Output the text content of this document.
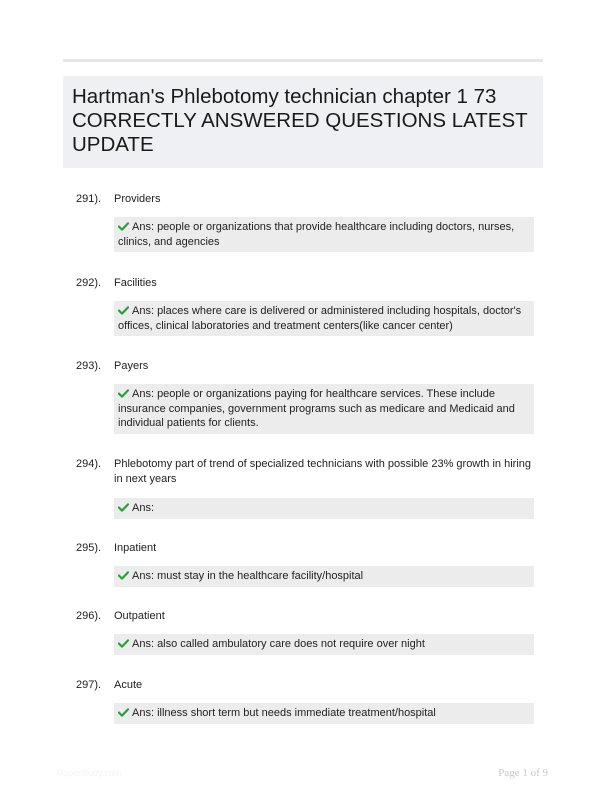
Hartman's Phlebotomy technician chapter 1 73 CORRECTLY ANSWERED QUESTIONS LATEST UPDATE
291). Providers
Ans: people or organizations that provide healthcare including doctors, nurses, clinics, and agencies
292). Facilities
Ans: places where care is delivered or administered including hospitals, doctor's offices, clinical laboratories and treatment centers(like cancer center)
293). Payers
Ans: people or organizations paying for healthcare services. These include insurance companies, government programs such as medicare and Medicaid and individual patients for clients.
294). Phlebotomy part of trend of specialized technicians with possible 23% growth in hiring in next years
Ans:
295). Inpatient
Ans: must stay in the healthcare facility/hospital
296). Outpatient
Ans: also called ambulatory care does not require over night
297). Acute
Ans: illness short term but needs immediate treatment/hospital
Paperstudy.com	Page 1 of 9
